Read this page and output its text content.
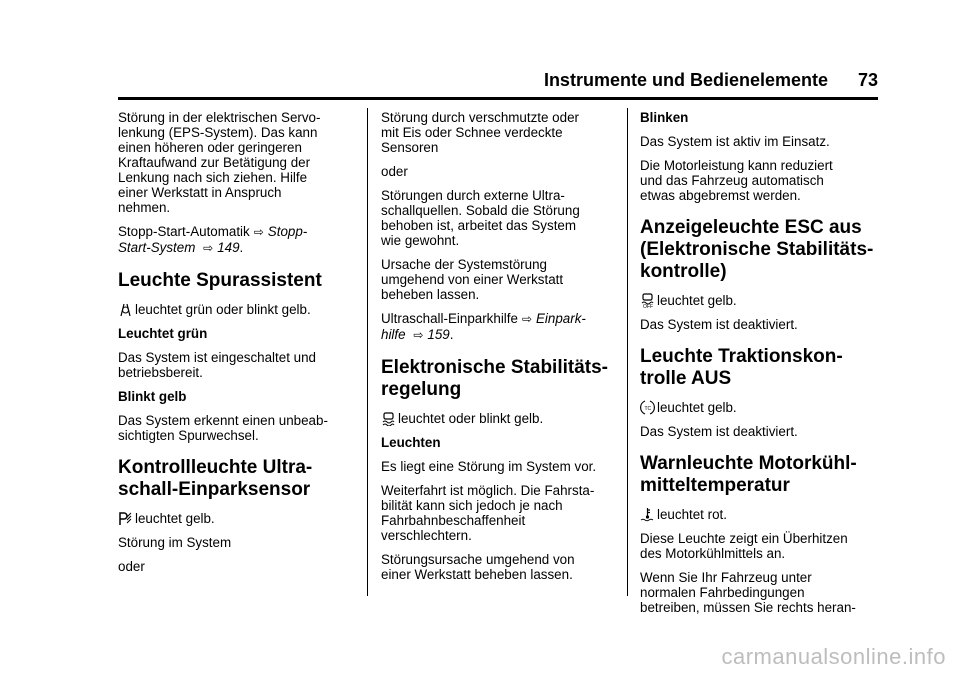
Instrumente und Bedienelemente 73

Störung in der elektrischen Servo-
lenkung (EPS-System). Das kann
einen höheren oder geringeren
Kraftaufwand zur Betätigung der
Lenkung nach sich ziehen. Hilfe
einer Werkstatt in Anspruch
nehmen.

Stopp-Start-Automatik ⇨ Stopp-
Start-System ⇨ 149.

Leuchte Spurassistent

leuchtet grün oder blinkt gelb.

Leuchtet grün

Das System ist eingeschaltet und
betriebsbereit.

Blinkt gelb

Das System erkennt einen unbeab-
sichtigten Spurwechsel.

Kontrollleuchte Ultra-
schall-Einparksensor

leuchtet gelb.

Störung im System

oder

Störung durch verschmutzte oder
mit Eis oder Schnee verdeckte
Sensoren

oder

Störungen durch externe Ultra-
schallquellen. Sobald die Störung
behoben ist, arbeitet das System
wie gewohnt.

Ursache der Systemstörung
umgehend von einer Werkstatt
beheben lassen.

Ultraschall-Einparkhilfe ⇨ Einpark-
hilfe ⇨ 159.

Elektronische Stabilitäts-
regelung

leuchtet oder blinkt gelb.

Leuchten

Es liegt eine Störung im System vor.

Weiterfahrt ist möglich. Die Fahrsta-
bilität kann sich jedoch je nach
Fahrbahnbeschaffenheit
verschlechtern.

Störungsursache umgehend von
einer Werkstatt beheben lassen.

Blinken

Das System ist aktiv im Einsatz.

Die Motorleistung kann reduziert
und das Fahrzeug automatisch
etwas abgebremst werden.

Anzeigeleuchte ESC aus
(Elektronische Stabilitäts-
kontrolle)

OFF leuchtet gelb.

Das System ist deaktiviert.

Leuchte Traktionskon-
trolle AUS

TC leuchtet gelb.

Das System ist deaktiviert.

Warnleuchte Motorkühl-
mitteltemperatur

leuchtet rot.

Diese Leuchte zeigt ein Überhitzen
des Motorkühlmittels an.

Wenn Sie Ihr Fahrzeug unter
normalen Fahrbedingungen
betreiben, müssen Sie rechts heran-

carmanualsonline.info
